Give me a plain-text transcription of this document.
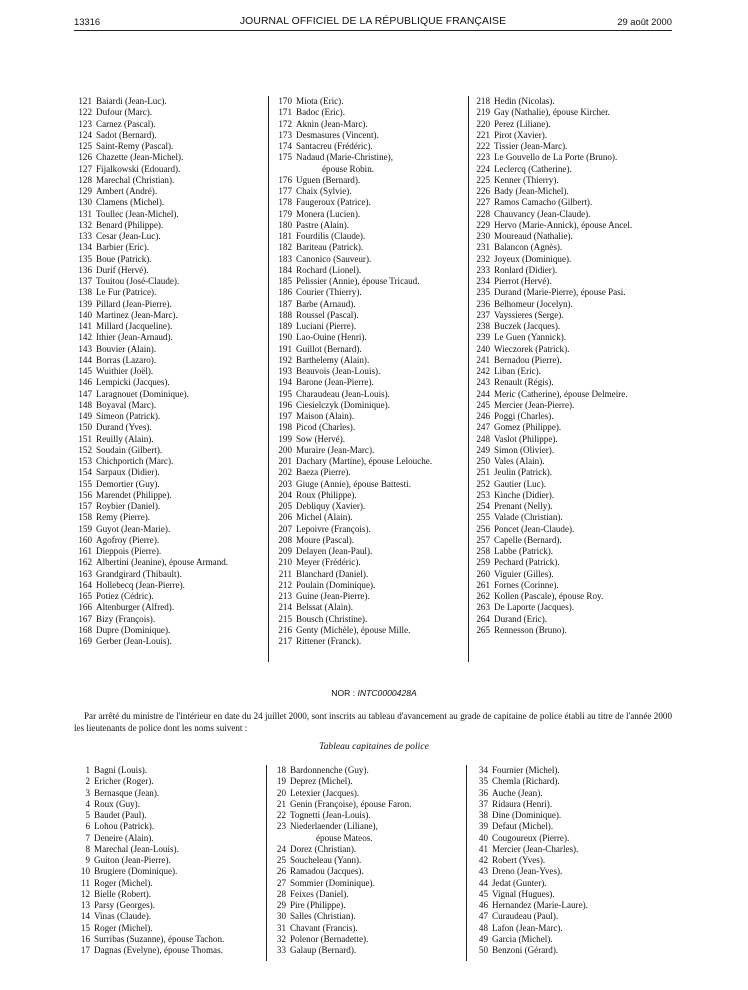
13316	JOURNAL OFFICIEL DE LA RÉPUBLIQUE FRANÇAISE	29 août 2000
121 Baiardi (Jean-Luc).
122 Dufour (Marc).
123 Carnez (Pascal).
124 Sadot (Bernard).
125 Saint-Remy (Pascal).
126 Chazette (Jean-Michel).
127 Fijalkowski (Edouard).
128 Marechal (Christian).
129 Ambert (André).
130 Clamens (Michel).
131 Toullec (Jean-Michel).
132 Benard (Philippe).
133 Cesar (Jean-Luc).
134 Barbier (Eric).
135 Boue (Patrick).
136 Durif (Hervé).
137 Touitou (José-Claude).
138 Le Fur (Patrice).
139 Pillard (Jean-Pierre).
140 Martinez (Jean-Marc).
141 Millard (Jacqueline).
142 Ithier (Jean-Arnaud).
143 Bouvier (Alain).
144 Borras (Lazaro).
145 Wuithier (Joël).
146 Lempicki (Jacques).
147 Laragnouet (Dominique).
148 Boyaval (Marc).
149 Simeon (Patrick).
150 Durand (Yves).
151 Reuilly (Alain).
152 Soudain (Gilbert).
153 Chichportich (Marc).
154 Sarpaux (Didier).
155 Demortier (Guy).
156 Marendet (Philippe).
157 Roybier (Daniel).
158 Remy (Pierre).
159 Guyot (Jean-Marie).
160 Agofroy (Pierre).
161 Dieppois (Pierre).
162 Albertini (Jeanine), épouse Armand.
163 Grandgirard (Thibault).
164 Hollebecq (Jean-Pierre).
165 Potiez (Cédric).
166 Altenburger (Alfred).
167 Bizy (François).
168 Dupre (Dominique).
169 Gerber (Jean-Louis).
170 Miota (Eric).
171 Badoc (Eric).
172 Aknin (Jean-Marc).
173 Desmasures (Vincent).
174 Santacreu (Frédéric).
175 Nadaud (Marie-Christine),
épouse Robin.
176 Uguen (Bernard).
177 Chaix (Sylvie).
178 Faugeroux (Patrice).
179 Monera (Lucien).
180 Pastre (Alain).
181 Fourdilis (Claude).
182 Bariteau (Patrick).
183 Canonico (Sauveur).
184 Rochard (Lionel).
185 Pelissier (Annie), épouse Tricaud.
186 Courier (Thierry).
187 Barbe (Arnaud).
188 Roussel (Pascal).
189 Luciani (Pierre).
190 Lao-Ouine (Henri).
191 Guillot (Bernard).
192 Barthelemy (Alain).
193 Beauvois (Jean-Louis).
194 Barone (Jean-Pierre).
195 Charaudeau (Jean-Louis).
196 Ciesielczyk (Dominique).
197 Maison (Alain).
198 Picod (Charles).
199 Sow (Hervé).
200 Muraire (Jean-Marc).
201 Dachary (Martine), épouse Lelouche.
202 Baeza (Pierre).
203 Giuge (Annie), épouse Battesti.
204 Roux (Philippe).
205 Debliquy (Xavier).
206 Michel (Alain).
207 Lepoivre (François).
208 Moure (Pascal).
209 Delayen (Jean-Paul).
210 Meyer (Frédéric).
211 Blanchard (Daniel).
212 Poulain (Dominique).
213 Guine (Jean-Pierre).
214 Belssat (Alain).
215 Bousch (Christine).
216 Genty (Michèle), épouse Mille.
217 Rittener (Franck).
218 Hedin (Nicolas).
219 Gay (Nathalie), épouse Kircher.
220 Perez (Liliane).
221 Pirot (Xavier).
222 Tissier (Jean-Marc).
223 Le Gouvello de La Porte (Bruno).
224 Leclercq (Catherine).
225 Kenner (Thierry).
226 Bady (Jean-Michel).
227 Ramos Camacho (Gilbert).
228 Chauvancy (Jean-Claude).
229 Hervo (Marie-Annick), épouse Ancel.
230 Moureaud (Nathalie).
231 Balancon (Agnès).
232 Joyeux (Dominique).
233 Ronlard (Didier).
234 Pierrot (Hervé).
235 Durand (Marie-Pierre), épouse Pasi.
236 Belhomeur (Jocelyn).
237 Vayssieres (Serge).
238 Buczek (Jacques).
239 Le Guen (Yannick).
240 Wieczorek (Patrick).
241 Bernadou (Pierre).
242 Liban (Eric).
243 Renault (Régis).
244 Meric (Catherine), épouse Delmeire.
245 Mercier (Jean-Pierre).
246 Poggi (Charles).
247 Gomez (Philippe).
248 Vaslot (Philippe).
249 Simon (Olivier).
250 Vales (Alain).
251 Jeulin (Patrick).
252 Gautier (Luc).
253 Kinche (Didier).
254 Prenant (Nelly).
255 Valade (Christian).
256 Poncet (Jean-Claude).
257 Capelle (Bernard).
258 Labbe (Patrick).
259 Pechard (Patrick).
260 Viguier (Gilles).
261 Fornes (Corinne).
262 Kollen (Pascale), épouse Roy.
263 De Laporte (Jacques).
264 Durand (Eric).
265 Rennesson (Bruno).
NOR : INTC0000428A
Par arrêté du ministre de l'intérieur en date du 24 juillet 2000, sont inscrits au tableau d'avancement au grade de capitaine de police établi au titre de l'année 2000 les lieutenants de police dont les noms suivent :
Tableau capitaines de police
1 Bagni (Louis).
2 Ericher (Roger).
3 Bernasque (Jean).
4 Roux (Guy).
5 Baudet (Paul).
6 Lohou (Patrick).
7 Deneire (Alain).
8 Marechal (Jean-Louis).
9 Guiton (Jean-Pierre).
10 Brugiere (Dominique).
11 Roger (Michel).
12 Bielle (Robert).
13 Parsy (Georges).
14 Vinas (Claude).
15 Roger (Michel).
16 Surribas (Suzanne), épouse Tachon.
17 Dagnas (Evelyne), épouse Thomas.
18 Bardonnenche (Guy).
19 Deprez (Michel).
20 Letexier (Jacques).
21 Genin (Françoise), épouse Faron.
22 Tognetti (Jean-Louis).
23 Niederlaender (Liliane),
épouse Mateos.
24 Dorez (Christian).
25 Soucheleau (Yann).
26 Ramadou (Jacques).
27 Sommier (Dominique).
28 Feixes (Daniel).
29 Pire (Philippe).
30 Salles (Christian).
31 Chavant (Francis).
32 Polenor (Bernadette).
33 Galaup (Bernard).
34 Fournier (Michel).
35 Chemla (Richard).
36 Auche (Jean).
37 Ridaura (Henri).
38 Dine (Dominique).
39 Defaut (Michel).
40 Cougoureux (Pierre).
41 Mercier (Jean-Charles).
42 Robert (Yves).
43 Dreno (Jean-Yves).
44 Jedat (Gunter).
45 Vignal (Hugues).
46 Hernandez (Marie-Laure).
47 Curaudeau (Paul).
48 Lafon (Jean-Marc).
49 Garcia (Michel).
50 Benzoni (Gérard).
